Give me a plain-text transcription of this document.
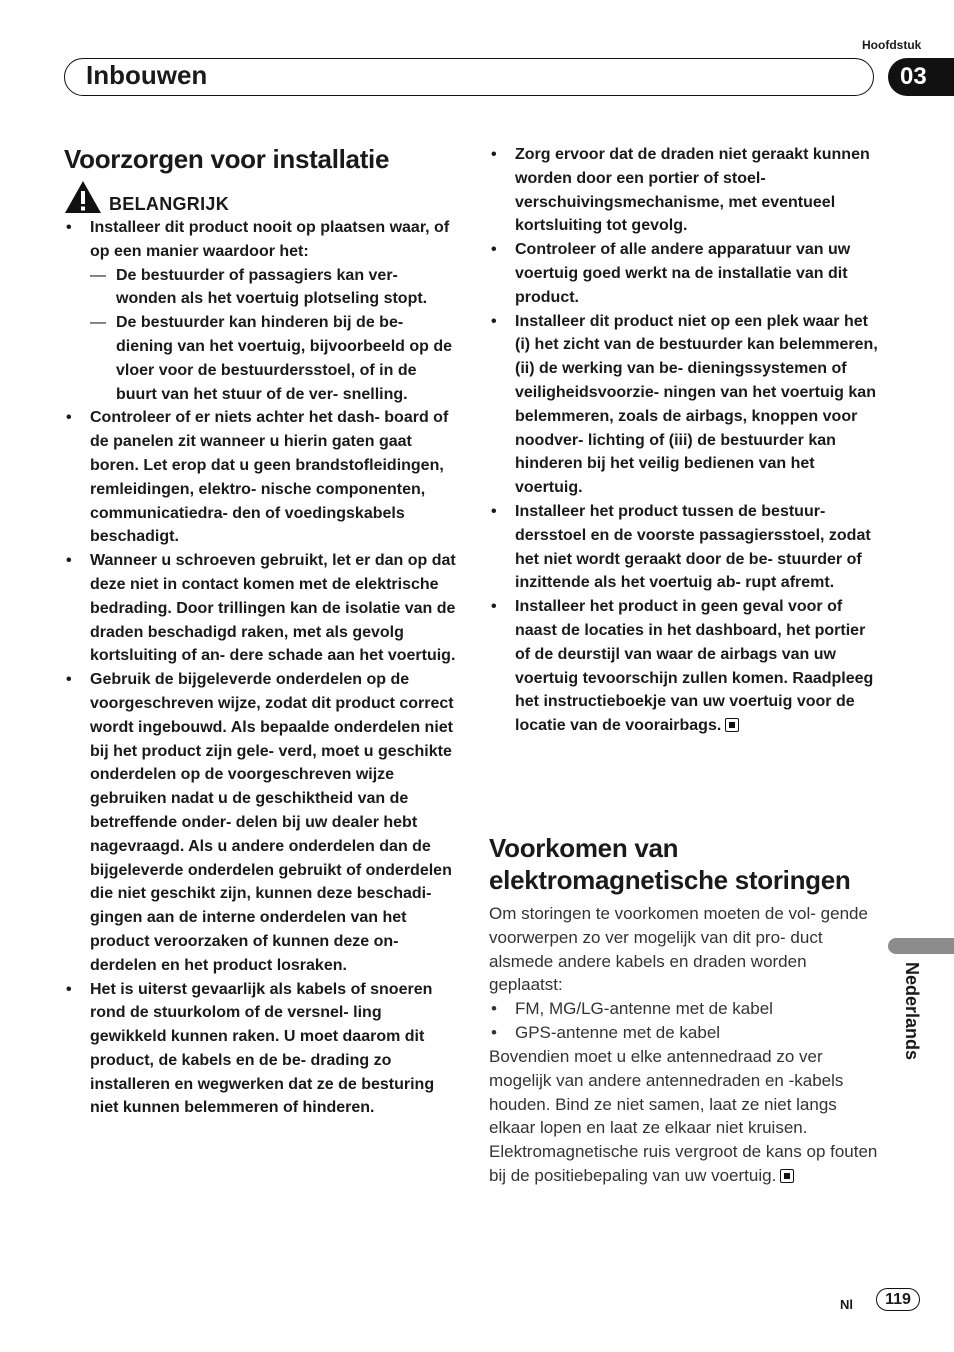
Hoofdstuk
Inbouwen	03
Voorzorgen voor installatie
BELANGRIJK
• Installeer dit product nooit op plaatsen waar, of op een manier waardoor het:
— De bestuurder of passagiers kan ver- wonden als het voertuig plotseling stopt.
— De bestuurder kan hinderen bij de be- diening van het voertuig, bijvoorbeeld op de vloer voor de bestuurdersstoel, of in de buurt van het stuur of de ver- snelling.
• Controleer of er niets achter het dash- board of de panelen zit wanneer u hierin gaten gaat boren. Let erop dat u geen brandstofleidingen, remleidingen, elektro- nische componenten, communicatiedra- den of voedingskabels beschadigt.
• Wanneer u schroeven gebruikt, let er dan op dat deze niet in contact komen met de elektrische bedrading. Door trillingen kan de isolatie van de draden beschadigd raken, met als gevolg kortsluiting of an- dere schade aan het voertuig.
• Gebruik de bijgeleverde onderdelen op de voorgeschreven wijze, zodat dit product correct wordt ingebouwd. Als bepaalde onderdelen niet bij het product zijn gele- verd, moet u geschikte onderdelen op de voorgeschreven wijze gebruiken nadat u de geschiktheid van de betreffende onder- delen bij uw dealer hebt nagevraagd. Als u andere onderdelen dan de bijgeleverde onderdelen gebruikt of onderdelen die niet geschikt zijn, kunnen deze beschadi- gingen aan de interne onderdelen van het product veroorzaken of kunnen deze on- derdelen en het product losraken.
• Het is uiterst gevaarlijk als kabels of snoeren rond de stuurkolom of de versnel- ling gewikkeld kunnen raken. U moet daarom dit product, de kabels en de be- drading zo installeren en wegwerken dat ze de besturing niet kunnen belemmeren of hinderen.
• Zorg ervoor dat de draden niet geraakt kunnen worden door een portier of stoel- verschuivingsmechanisme, met eventueel kortsluiting tot gevolg.
• Controleer of alle andere apparatuur van uw voertuig goed werkt na de installatie van dit product.
• Installeer dit product niet op een plek waar het (i) het zicht van de bestuurder kan belemmeren, (ii) de werking van be- dieningssystemen of veiligheidsvoorzie- ningen van het voertuig kan belemmeren, zoals de airbags, knoppen voor noodver- lichting of (iii) de bestuurder kan hinderen bij het veilig bedienen van het voertuig.
• Installeer het product tussen de bestuur- dersstoel en de voorste passagiersstoel, zodat het niet wordt geraakt door de be- stuurder of inzittende als het voertuig ab- rupt afremt.
• Installeer het product in geen geval voor of naast de locaties in het dashboard, het portier of de deurstijl van waar de airbags van uw voertuig tevoorschijn zullen komen. Raadpleeg het instructieboekje van uw voertuig voor de locatie van de voorairbags.
Voorkomen van elektromagnetische storingen
Om storingen te voorkomen moeten de vol- gende voorwerpen zo ver mogelijk van dit pro- duct alsmede andere kabels en draden worden geplaatst:
• FM, MG/LG-antenne met de kabel
• GPS-antenne met de kabel
Bovendien moet u elke antennedraad zo ver mogelijk van andere antennedraden en -kabels houden. Bind ze niet samen, laat ze niet langs elkaar lopen en laat ze elkaar niet kruisen. Elektromagnetische ruis vergroot de kans op fouten bij de positiebepaling van uw voertuig.
Nederlands
Nl	119
